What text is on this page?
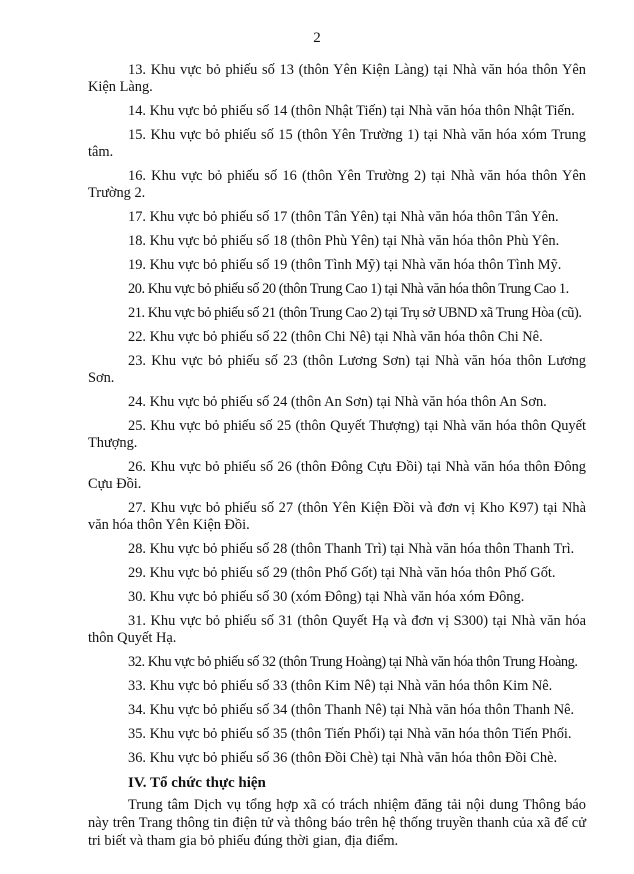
2

13. Khu vực bỏ phiếu số 13 (thôn Yên Kiện Làng) tại Nhà văn hóa thôn Yên Kiện Làng.

14. Khu vực bỏ phiếu số 14 (thôn Nhật Tiến) tại Nhà văn hóa thôn Nhật Tiến.

15. Khu vực bỏ phiếu số 15 (thôn Yên Trường 1) tại Nhà văn hóa xóm Trung tâm.

16. Khu vực bỏ phiếu số 16 (thôn Yên Trường 2) tại Nhà văn hóa thôn Yên Trường 2.

17. Khu vực bỏ phiếu số 17 (thôn Tân Yên) tại Nhà văn hóa thôn Tân Yên.

18. Khu vực bỏ phiếu số 18 (thôn Phù Yên) tại Nhà văn hóa thôn Phù Yên.

19. Khu vực bỏ phiếu số 19 (thôn Tình Mỹ) tại Nhà văn hóa thôn Tình Mỹ.

20. Khu vực bỏ phiếu số 20 (thôn Trung Cao 1) tại Nhà văn hóa thôn Trung Cao 1.

21. Khu vực bỏ phiếu số 21 (thôn Trung Cao 2) tại Trụ sở UBND xã Trung Hòa (cũ).

22. Khu vực bỏ phiếu số 22 (thôn Chi Nê) tại Nhà văn hóa thôn Chi Nê.

23. Khu vực bỏ phiếu số 23 (thôn Lương Sơn) tại Nhà văn hóa thôn Lương Sơn.

24. Khu vực bỏ phiếu số 24 (thôn An Sơn) tại Nhà văn hóa thôn An Sơn.

25. Khu vực bỏ phiếu số 25 (thôn Quyết Thượng) tại Nhà văn hóa thôn Quyết Thượng.

26. Khu vực bỏ phiếu số 26 (thôn Đông Cựu Đồi) tại Nhà văn hóa thôn Đông Cựu Đồi.

27. Khu vực bỏ phiếu số 27 (thôn Yên Kiện Đồi và đơn vị Kho K97) tại Nhà văn hóa thôn Yên Kiện Đồi.

28. Khu vực bỏ phiếu số 28 (thôn Thanh Trì) tại Nhà văn hóa thôn Thanh Trì.

29. Khu vực bỏ phiếu số 29 (thôn Phố Gốt) tại Nhà văn hóa thôn Phố Gốt.

30. Khu vực bỏ phiếu số 30 (xóm Đông) tại Nhà văn hóa xóm Đông.

31. Khu vực bỏ phiếu số 31 (thôn Quyết Hạ và đơn vị S300) tại Nhà văn hóa thôn Quyết Hạ.

32. Khu vực bỏ phiếu số 32 (thôn Trung Hoàng) tại Nhà văn hóa thôn Trung Hoàng.

33. Khu vực bỏ phiếu số 33 (thôn Kim Nê) tại Nhà văn hóa thôn Kim Nê.

34. Khu vực bỏ phiếu số 34 (thôn Thanh Nê) tại Nhà văn hóa thôn Thanh Nê.

35. Khu vực bỏ phiếu số 35 (thôn Tiến Phối) tại Nhà văn hóa thôn Tiến Phối.

36. Khu vực bỏ phiếu số 36 (thôn Đồi Chè) tại Nhà văn hóa thôn Đồi Chè.

IV. Tổ chức thực hiện

Trung tâm Dịch vụ tổng hợp xã có trách nhiệm đăng tải nội dung Thông báo này trên Trang thông tin điện tử và thông báo trên hệ thống truyền thanh của xã để cử tri biết và tham gia bỏ phiếu đúng thời gian, địa điểm.
